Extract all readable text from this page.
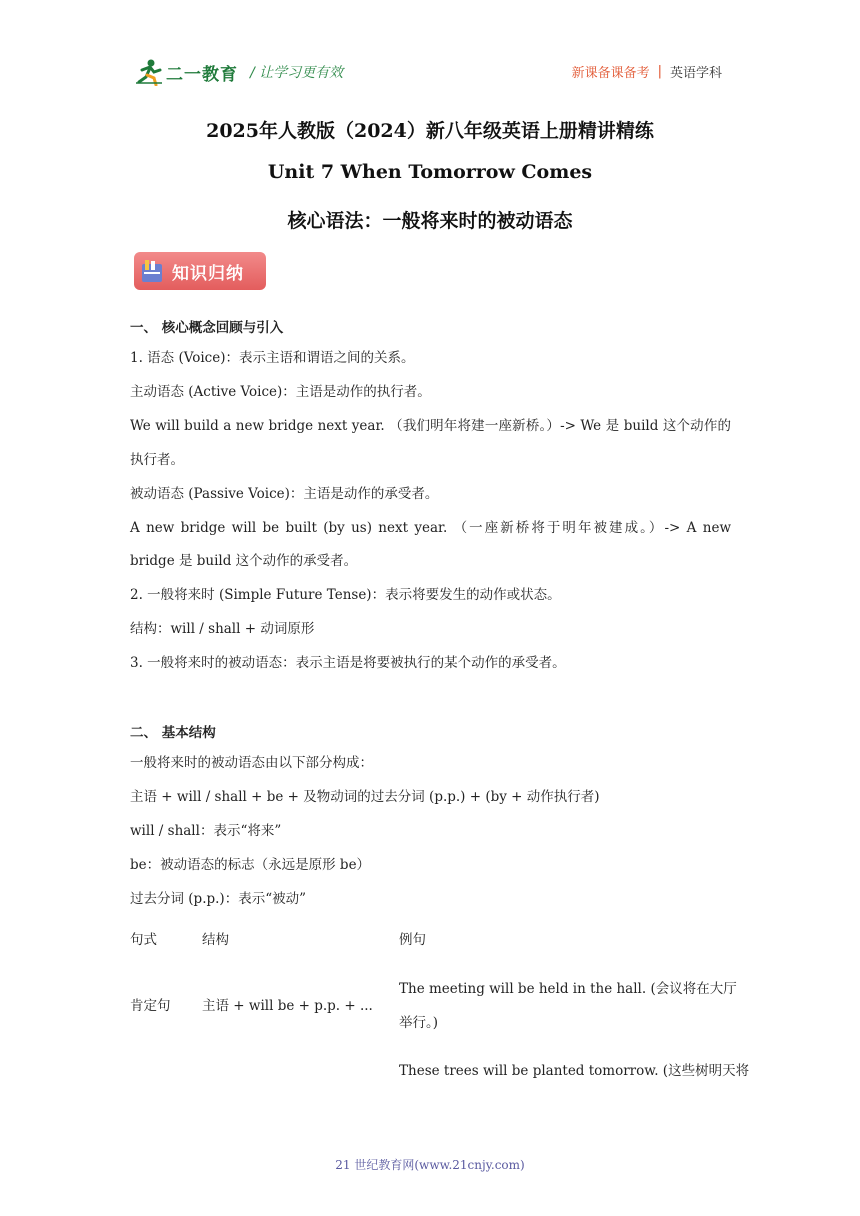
二一教育 / 让学习更有效	新课备课备考 | 英语学科
2025年人教版（2024）新八年级英语上册精讲精练
Unit 7 When Tomorrow Comes
核心语法：一般将来时的被动语态
知识归纳
一、 核心概念回顾与引入
1. 语态 (Voice)：表示主语和谓语之间的关系。
主动语态 (Active Voice)：主语是动作的执行者。
We will build a new bridge next year. （我们明年将建一座新桥。）-> We 是 build 这个动作的
执行者。
被动语态 (Passive Voice)：主语是动作的承受者。
A new bridge will be built (by us) next year. （一座新桥将于明年被建成。）-> A new
bridge 是 build 这个动作的承受者。
2. 一般将来时 (Simple Future Tense)：表示将要发生的动作或状态。
结构：will / shall + 动词原形
3. 一般将来时的被动语态：表示主语是将要被执行的某个动作的承受者。
二、 基本结构
一般将来时的被动语态由以下部分构成：
主语 + will / shall + be + 及物动词的过去分词 (p.p.) + (by + 动作执行者)
will / shall：表示“将来”
be：被动语态的标志（永远是原形 be）
过去分词 (p.p.)：表示“被动”
句式	结构	例句
肯定句 主语 + will be + p.p. + ...
The meeting will be held in the hall. (会议将在大厅
举行。)
These trees will be planted tomorrow. (这些树明天将
21 世纪教育网(www.21cnjy.com)
